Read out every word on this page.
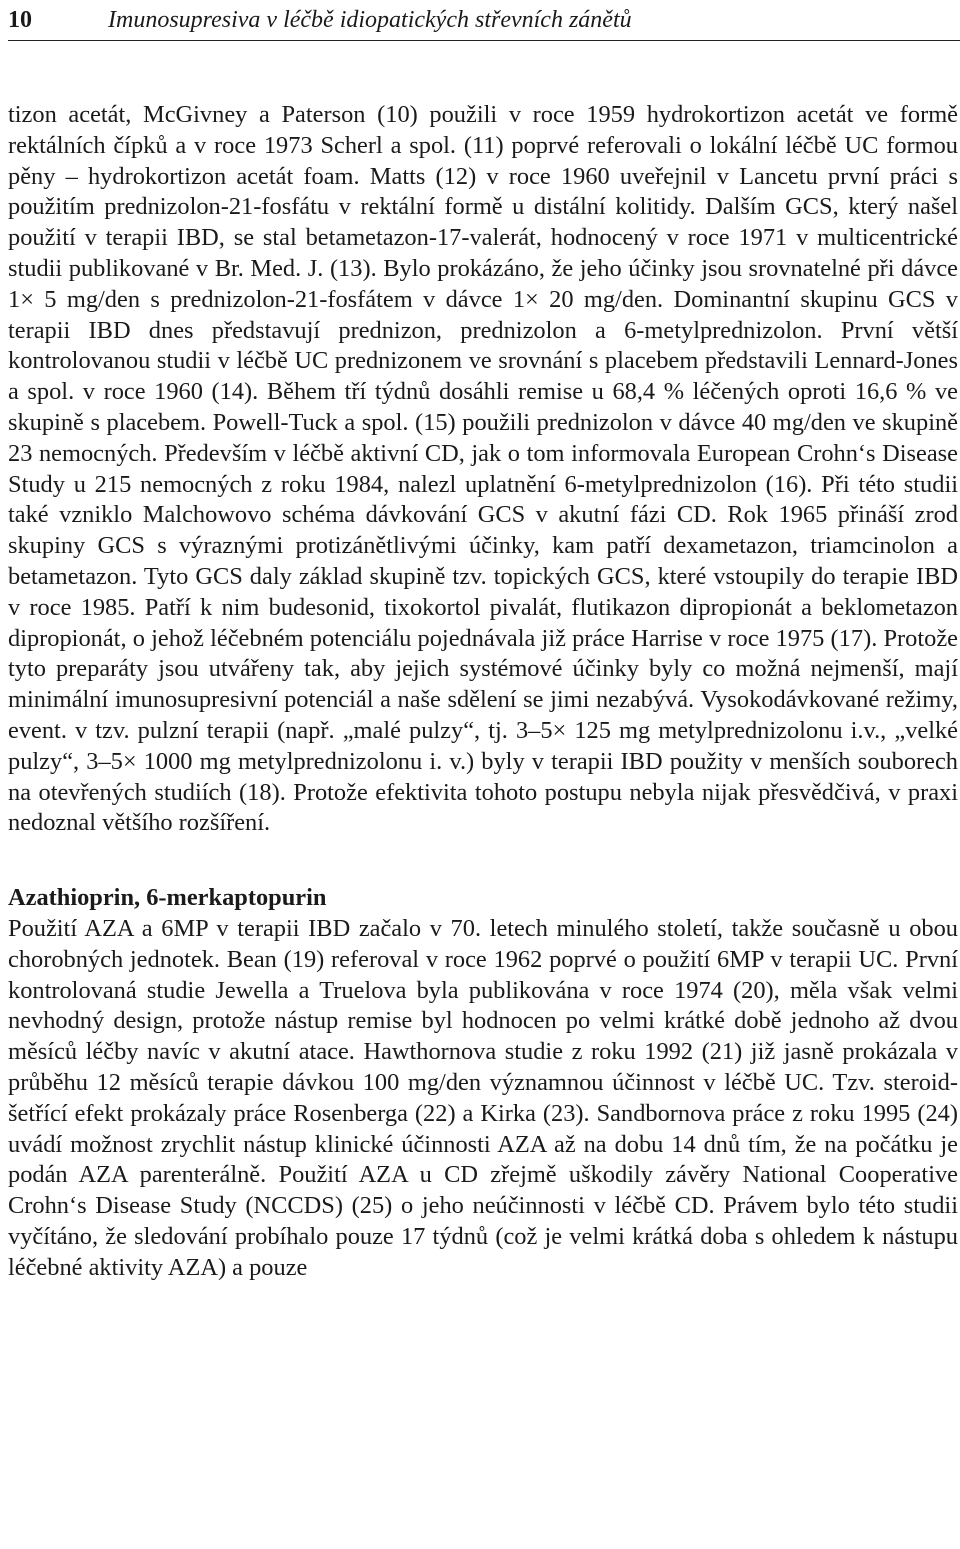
10	Imunosupresiva v léčbě idiopatických střevních zánětů

tizon acetát, McGivney a Paterson (10) použili v roce 1959 hydrokortizon acetát ve formě rektálních čípků a v roce 1973 Scherl a spol. (11) poprvé referovali o lokální léčbě UC formou pěny – hydrokortizon acetát foam. Matts (12) v roce 1960 uveřejnil v Lancetu první práci s použitím prednizolon-21-fosfátu v rektální formě u distální kolitidy. Dalším GCS, který našel použití v terapii IBD, se stal betametazon-17-valerát, hodnocený v roce 1971 v multicentrické studii publikované v Br. Med. J. (13). Bylo prokázáno, že jeho účinky jsou srovnatelné při dávce 1× 5 mg/den s prednizolon-21-fosfátem v dávce 1× 20 mg/den. Dominantní skupinu GCS v terapii IBD dnes představují prednizon, prednizolon a 6-metylprednizolon. První větší kontrolovanou studii v léčbě UC prednizonem ve srovnání s placebem představili Lennard-Jones a spol. v roce 1960 (14). Během tří týdnů dosáhli remise u 68,4 % léčených oproti 16,6 % ve skupině s placebem. Powell-Tuck a spol. (15) použili prednizolon v dávce 40 mg/den ve skupině 23 nemocných. Především v léčbě aktivní CD, jak o tom informovala European Crohn‘s Disease Study u 215 nemocných z roku 1984, nalezl uplatnění 6-metylprednizolon (16). Při této studii také vzniklo Malchowovo schéma dávkování GCS v akutní fázi CD. Rok 1965 přináší zrod skupiny GCS s výraznými protizánětlivými účinky, kam patří dexametazon, triamcinolon a betametazon. Tyto GCS daly základ skupině tzv. topických GCS, které vstoupily do terapie IBD v roce 1985. Patří k nim budesonid, tixokortol pivalát, flutikazon dipropionát a beklometazon dipropionát, o jehož léčebném potenciálu pojednávala již práce Harrise v roce 1975 (17). Protože tyto preparáty jsou utvářeny tak, aby jejich systémové účinky byly co možná nejmenší, mají minimální imunosupresivní potenciál a naše sdělení se jimi nezabývá. Vysokodávkované režimy, event. v tzv. pulzní terapii (např. „malé pulzy“, tj. 3–5× 125 mg metylprednizolonu i.v., „velké pulzy“, 3–5× 1000 mg metylprednizolonu i. v.) byly v terapii IBD použity v menších souborech na otevřených studiích (18). Protože efektivita tohoto postupu nebyla nijak přesvědčivá, v praxi nedoznal většího rozšíření.

Azathioprin, 6-merkaptopurin

Použití AZA a 6MP v terapii IBD začalo v 70. letech minulého století, takže současně u obou chorobných jednotek. Bean (19) referoval v roce 1962 poprvé o použití 6MP v terapii UC. První kontrolovaná studie Jewella a Truelova byla publikována v roce 1974 (20), měla však velmi nevhodný design, protože nástup remise byl hodnocen po velmi krátké době jednoho až dvou měsíců léčby navíc v akutní atace. Hawthornova studie z roku 1992 (21) již jasně prokázala v průběhu 12 měsíců terapie dávkou 100 mg/den významnou účinnost v léčbě UC. Tzv. steroid-šetřící efekt prokázaly práce Rosenberga (22) a Kirka (23). Sandbornova práce z roku 1995 (24) uvádí možnost zrychlit nástup klinické účinnosti AZA až na dobu 14 dnů tím, že na počátku je podán AZA parenterálně. Použití AZA u CD zřejmě uškodily závěry National Cooperative Crohn‘s Disease Study (NCCDS) (25) o jeho neúčinnosti v léčbě CD. Právem bylo této studii vyčítáno, že sledování probíhalo pouze 17 týdnů (což je velmi krátká doba s ohledem k nástupu léčebné aktivity AZA) a pouze
